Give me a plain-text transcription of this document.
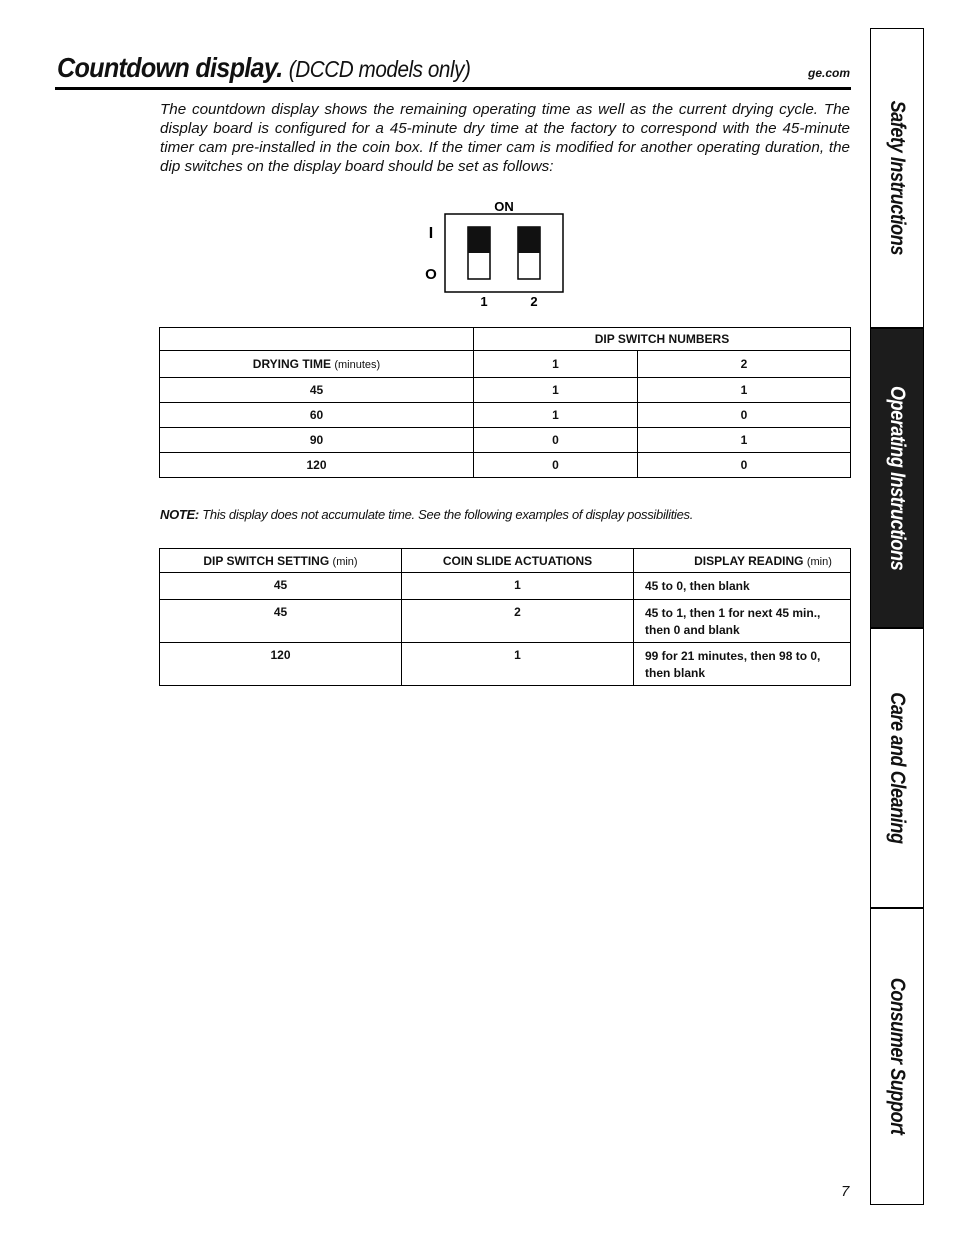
Countdown display. (DCCD models only)	ge.com

The countdown display shows the remaining operating time as well as the current drying cycle. The display board is configured for a 45-minute dry time at the factory to correspond with the 45-minute timer cam pre-installed in the coin box. If the timer cam is modified for another operating duration, the dip switches on the display board should be set as follows:

ON
I
O
1	2
	DIP SWITCH NUMBERS	
DRYING TIME (minutes)	1	2
45	1	1
60	1	0
90	0	1
120	0	0

NOTE: This display does not accumulate time. See the following examples of display possibilities.

DIP SWITCH SETTING (min)	COIN SLIDE ACTUATIONS	DISPLAY READING (min)
45	1	45 to 0, then blank
45	2	45 to 1, then 1 for next 45 min., then 0 and blank
120	1	99 for 21 minutes, then 98 to 0, then blank
7
Safety Instructions
Operating Instructions
Care and Cleaning
Consumer Support
